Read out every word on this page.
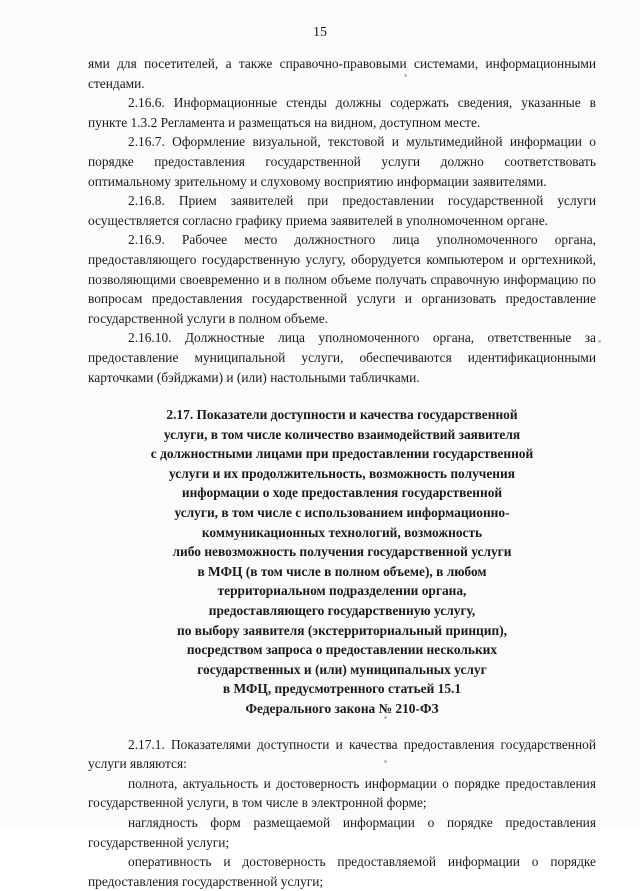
15

ями для посетителей, а также справочно-правовыми системами, информационными стендами.

2.16.6. Информационные стенды должны содержать сведения, указанные в пункте 1.3.2 Регламента и размещаться на видном, доступном месте.

2.16.7. Оформление визуальной, текстовой и мультимедийной информации о порядке предоставления государственной услуги должно соответствовать оптимальному зрительному и слуховому восприятию информации заявителями.

2.16.8. Прием заявителей при предоставлении государственной услуги осуществляется согласно графику приема заявителей в уполномоченном органе.

2.16.9. Рабочее место должностного лица уполномоченного органа, предоставляющего государственную услугу, оборудуется компьютером и оргтехникой, позволяющими своевременно и в полном объеме получать справочную информацию по вопросам предоставления государственной услуги и организовать предоставление государственной услуги в полном объеме.

2.16.10. Должностные лица уполномоченного органа, ответственные за предоставление муниципальной услуги, обеспечиваются идентификационными карточками (бэйджами) и (или) настольными табличками.

2.17. Показатели доступности и качества государственной
услуги, в том числе количество взаимодействий заявителя
с должностными лицами при предоставлении государственной
услуги и их продолжительность, возможность получения
информации о ходе предоставления государственной
услуги, в том числе с использованием информационно-
коммуникационных технологий, возможность
либо невозможность получения государственной услуги
в МФЦ (в том числе в полном объеме), в любом
территориальном подразделении органа,
предоставляющего государственную услугу,
по выбору заявителя (экстерриториальный принцип),
посредством запроса о предоставлении нескольких
государственных и (или) муниципальных услуг
в МФЦ, предусмотренного статьей 15.1
Федерального закона № 210-ФЗ

2.17.1. Показателями доступности и качества предоставления государственной услуги являются:

полнота, актуальность и достоверность информации о порядке предоставления государственной услуги, в том числе в электронной форме;

наглядность форм размещаемой информации о порядке предоставления государственной услуги;

оперативность и достоверность предоставляемой информации о порядке предоставления государственной услуги;
